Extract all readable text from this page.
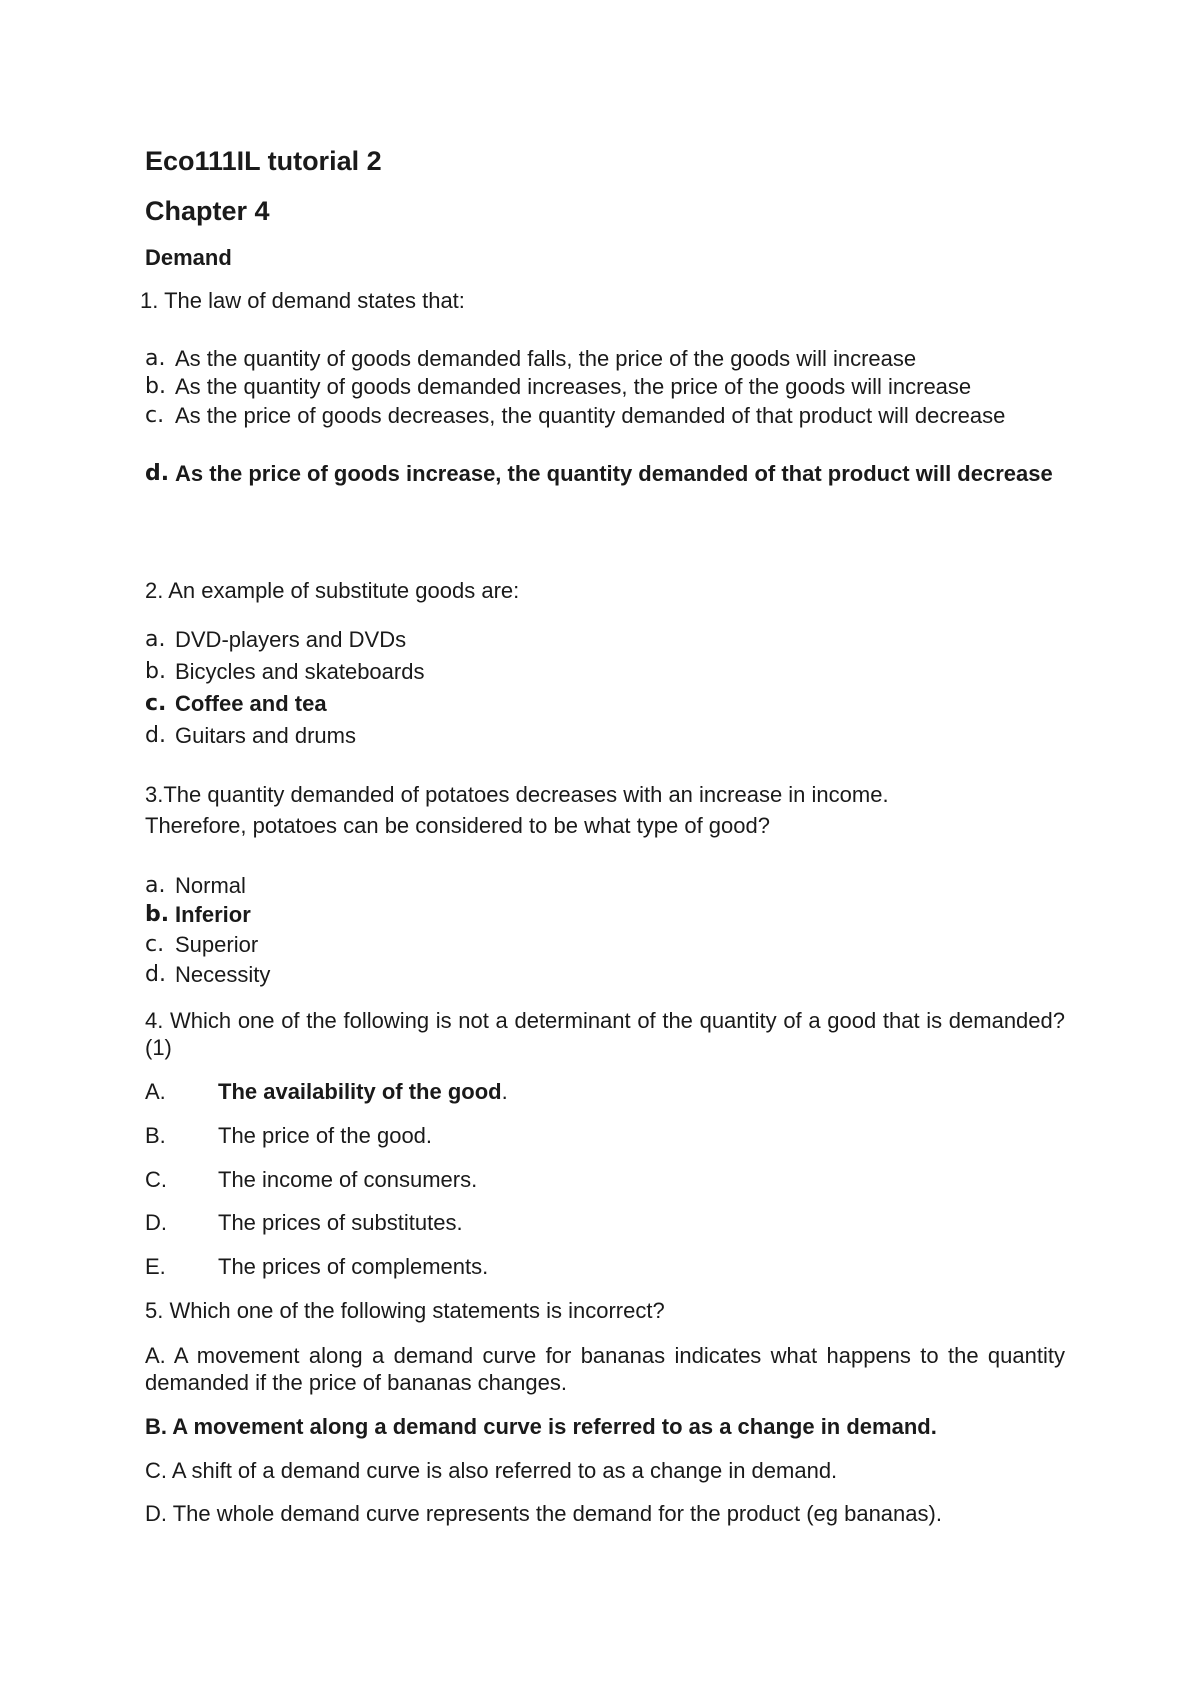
Eco111IL tutorial 2
Chapter 4
Demand
1. The law of demand states that:
a. As the quantity of goods demanded falls, the price of the goods will increase
b. As the quantity of goods demanded increases, the price of the goods will increase
c. As the price of goods decreases, the quantity demanded of that product will decrease
d. As the price of goods increase, the quantity demanded of that product will decrease
2. An example of substitute goods are:
a. DVD-players and DVDs
b. Bicycles and skateboards
c. Coffee and tea
d. Guitars and drums
3.The quantity demanded of potatoes decreases with an increase in income.
Therefore, potatoes can be considered to be what type of good?
a. Normal
b. Inferior
c. Superior
d. Necessity
4. Which one of the following is not a determinant of the quantity of a good that is demanded? (1)
A. The availability of the good.
B. The price of the good.
C. The income of consumers.
D. The prices of substitutes.
E. The prices of complements.
5. Which one of the following statements is incorrect?
A. A movement along a demand curve for bananas indicates what happens to the quantity demanded if the price of bananas changes.
B. A movement along a demand curve is referred to as a change in demand.
C. A shift of a demand curve is also referred to as a change in demand.
D. The whole demand curve represents the demand for the product (eg bananas).
